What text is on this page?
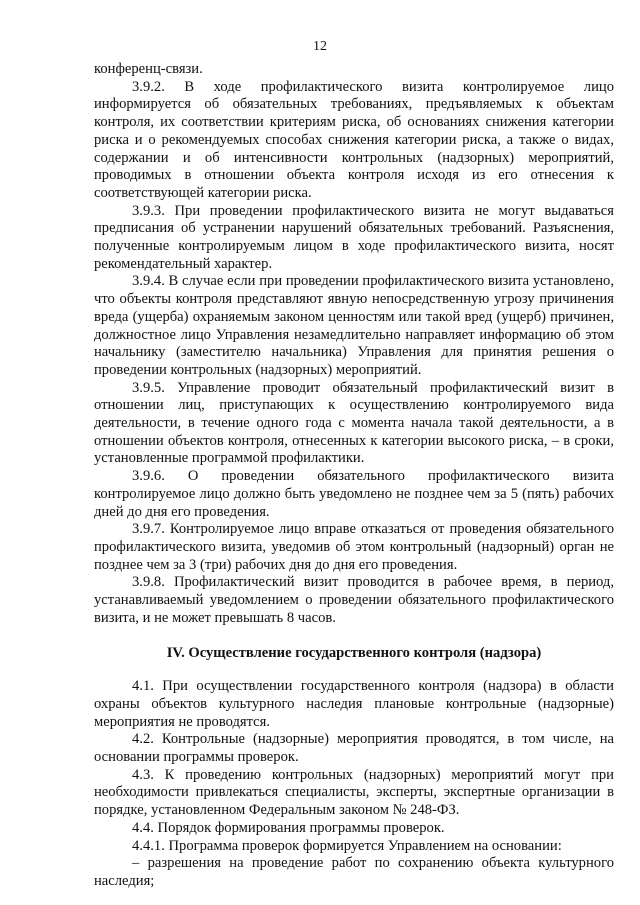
12

конференц-связи.

3.9.2. В ходе профилактического визита контролируемое лицо информируется об обязательных требованиях, предъявляемых к объектам контроля, их соответствии критериям риска, об основаниях снижения категории риска и о рекомендуемых способах снижения категории риска, а также о видах, содержании и об интенсивности контрольных (надзорных) мероприятий, проводимых в отношении объекта контроля исходя из его отнесения к соответствующей категории риска.

3.9.3. При проведении профилактического визита не могут выдаваться предписания об устранении нарушений обязательных требований. Разъяснения, полученные контролируемым лицом в ходе профилактического визита, носят рекомендательный характер.

3.9.4. В случае если при проведении профилактического визита установлено, что объекты контроля представляют явную непосредственную угрозу причинения вреда (ущерба) охраняемым законом ценностям или такой вред (ущерб) причинен, должностное лицо Управления незамедлительно направляет информацию об этом начальнику (заместителю начальника) Управления для принятия решения о проведении контрольных (надзорных) мероприятий.

3.9.5. Управление проводит обязательный профилактический визит в отношении лиц, приступающих к осуществлению контролируемого вида деятельности, в течение одного года с момента начала такой деятельности, а в отношении объектов контроля, отнесенных к категории высокого риска, – в сроки, установленные программой профилактики.

3.9.6. О проведении обязательного профилактического визита контролируемое лицо должно быть уведомлено не позднее чем за 5 (пять) рабочих дней до дня его проведения.

3.9.7. Контролируемое лицо вправе отказаться от проведения обязательного профилактического визита, уведомив об этом контрольный (надзорный) орган не позднее чем за 3 (три) рабочих дня до дня его проведения.

3.9.8. Профилактический визит проводится в рабочее время, в период, устанавливаемый уведомлением о проведении обязательного профилактического визита, и не может превышать 8 часов.

IV. Осуществление государственного контроля (надзора)

4.1. При осуществлении государственного контроля (надзора) в области охраны объектов культурного наследия плановые контрольные (надзорные) мероприятия не проводятся.

4.2. Контрольные (надзорные) мероприятия проводятся, в том числе, на основании программы проверок.

4.3. К проведению контрольных (надзорных) мероприятий могут при необходимости привлекаться специалисты, эксперты, экспертные организации в порядке, установленном Федеральным законом № 248-ФЗ.

4.4. Порядок формирования программы проверок.

4.4.1. Программа проверок формируется Управлением на основании:

– разрешения на проведение работ по сохранению объекта культурного наследия;
